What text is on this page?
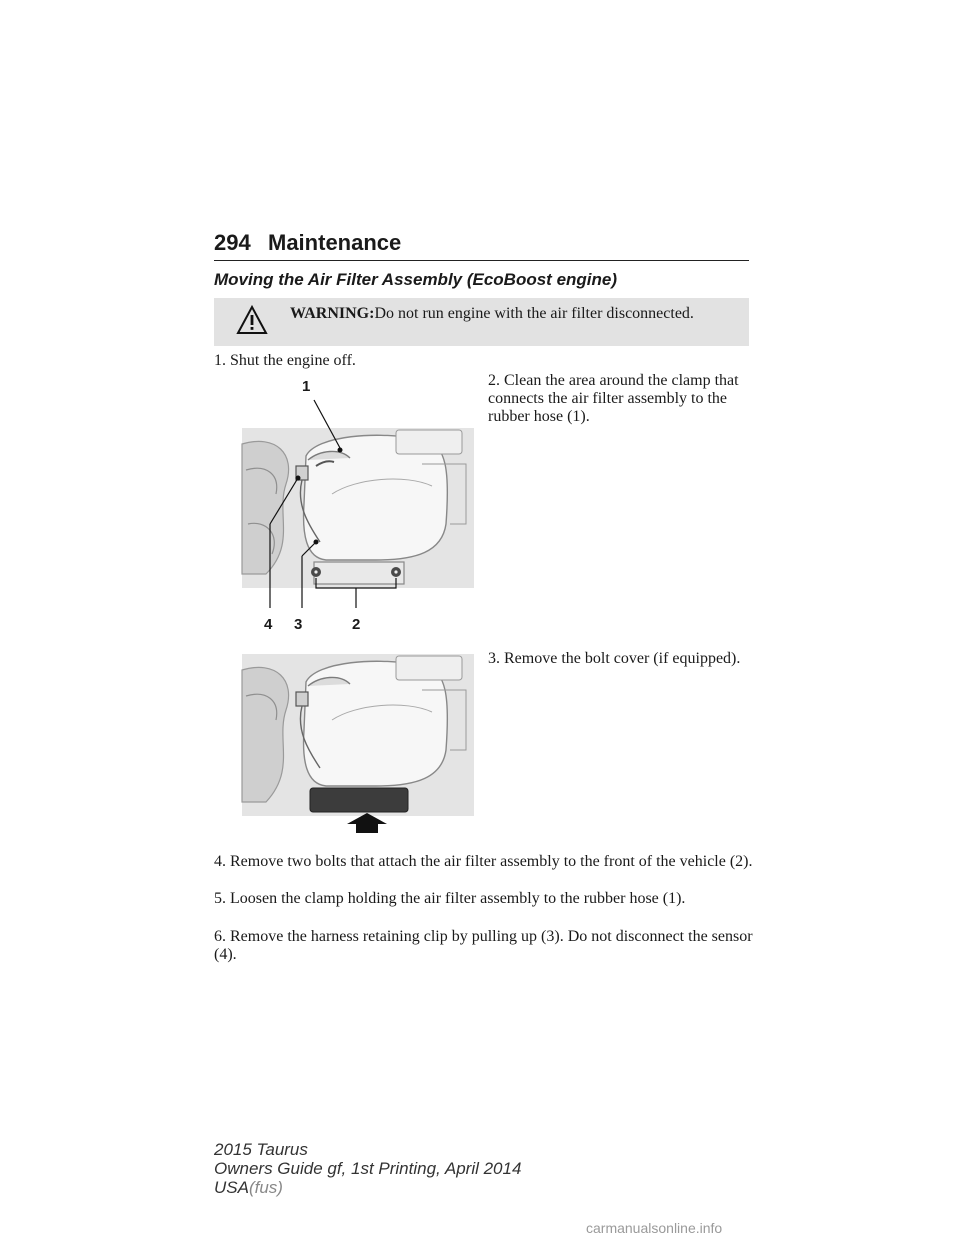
294 Maintenance
Moving the Air Filter Assembly (EcoBoost engine)
WARNING:Do not run engine with the air filter disconnected.
1. Shut the engine off.
2. Clean the area around the clamp that connects the air filter assembly to the rubber hose (1).
1
4 3	2
3. Remove the bolt cover (if equipped).
4. Remove two bolts that attach the air filter assembly to the front of the vehicle (2).
5. Loosen the clamp holding the air filter assembly to the rubber hose (1).
6. Remove the harness retaining clip by pulling up (3). Do not disconnect the sensor (4).
2015 Taurus
Owners Guide gf, 1st Printing, April 2014
USA(fus)
carmanualsonline.info
